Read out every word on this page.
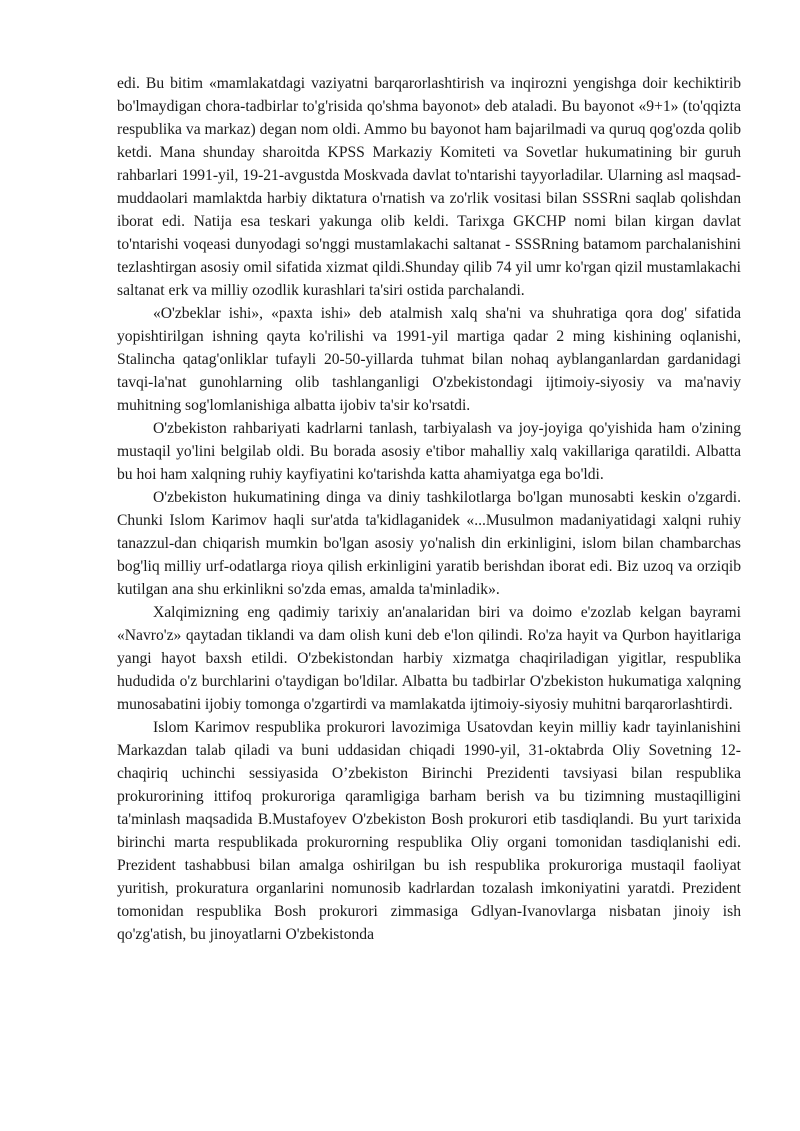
edi. Bu bitim «mamlakatdagi vaziyatni barqarorlashtirish va inqirozni yengishga doir kechiktirib bo'lmaydigan chora-tadbirlar to'g'risida qo'shma bayonot» deb ataladi. Bu bayonot «9+1» (to'qqizta respublika va markaz) degan nom oldi. Ammo bu bayonot ham bajarilmadi va quruq qog'ozda qolib ketdi. Mana shunday sharoitda KPSS Markaziy Komiteti va Sovetlar hukumatining bir guruh rahbarlari 1991-yil, 19-21-avgustda Moskvada davlat to'ntarishi tayyorladilar. Ularning asl maqsad-muddaolari mamlaktda harbiy diktatura o'rnatish va zo'rlik vositasi bilan SSSRni saqlab qolishdan iborat edi. Natija esa teskari yakunga olib keldi. Tarixga GKCHP nomi bilan kirgan davlat to'ntarishi voqeasi dunyodagi so'nggi mustamlakachi saltanat - SSSRning batamom parchalanishini tezlashtirgan asosiy omil sifatida xizmat qildi.Shunday qilib 74 yil umr ko'rgan qizil mustamlakachi saltanat erk va milliy ozodlik kurashlari ta'siri ostida parchalandi.

«O'zbeklar ishi», «paxta ishi» deb atalmish xalq sha'ni va shuhratiga qora dog' sifatida yopishtirilgan ishning qayta ko'rilishi va 1991-yil martiga qadar 2 ming kishining oqlanishi, Stalincha qatag'onliklar tufayli 20-50-yillarda tuhmat bilan nohaq ayblanganlardan gardanidagi tavqi-la'nat gunohlarning olib tashlanganligi O'zbekistondagi ijtimoiy-siyosiy va ma'naviy muhitning sog'lomlanishiga albatta ijobiv ta'sir ko'rsatdi.

O'zbekiston rahbariyati kadrlarni tanlash, tarbiyalash va joy-joyiga qo'yishida ham o'zining mustaqil yo'lini belgilab oldi. Bu borada asosiy e'tibor mahalliy xalq vakillariga qaratildi. Albatta bu hoi ham xalqning ruhiy kayfiyatini ko'tarishda katta ahamiyatga ega bo'ldi.

O'zbekiston hukumatining dinga va diniy tashkilotlarga bo'lgan munosabti keskin o'zgardi. Chunki Islom Karimov haqli sur'atda ta'kidlaganidek «...Musulmon madaniyatidagi xalqni ruhiy tanazzul-dan chiqarish mumkin bo'lgan asosiy yo'nalish din erkinligini, islom bilan chambarchas bog'liq milliy urf-odatlarga rioya qilish erkinligini yaratib berishdan iborat edi. Biz uzoq va orziqib kutilgan ana shu erkinlikni so'zda emas, amalda ta'minladik».

Xalqimizning eng qadimiy tarixiy an'analaridan biri va doimo e'zozlab kelgan bayrami «Navro'z» qaytadan tiklandi va dam olish kuni deb e'lon qilindi. Ro'za hayit va Qurbon hayitlariga yangi hayot baxsh etildi. O'zbekistondan harbiy xizmatga chaqiriladigan yigitlar, respublika hududida o'z burchlarini o'taydigan bo'ldilar. Albatta bu tadbirlar O'zbekiston hukumatiga xalqning munosabatini ijobiy tomonga o'zgartirdi va mamlakatda ijtimoiy-siyosiy muhitni barqarorlashtirdi.

Islom Karimov respublika prokurori lavozimiga Usatovdan keyin milliy kadr tayinlanishini Markazdan talab qiladi va buni uddasidan chiqadi 1990-yil, 31-oktabrda Oliy Sovetning 12-chaqiriq uchinchi sessiyasida O’zbekiston Birinchi Prezidenti tavsiyasi bilan respublika prokurorining ittifoq prokuroriga qaramligiga barham berish va bu tizimning mustaqilligini ta'minlash maqsadida B.Mustafoyev O'zbekiston Bosh prokurori etib tasdiqlandi. Bu yurt tarixida birinchi marta respublikada prokurorning respublika Oliy organi tomonidan tasdiqlanishi edi. Prezident tashabbusi bilan amalga oshirilgan bu ish respublika prokuroriga mustaqil faoliyat yuritish, prokuratura organlarini nomunosib kadrlardan tozalash imkoniyatini yaratdi. Prezident tomonidan respublika Bosh prokurori zimmasiga Gdlyan-Ivanovlarga nisbatan jinoiy ish qo'zg'atish, bu jinoyatlarni O'zbekistonda
